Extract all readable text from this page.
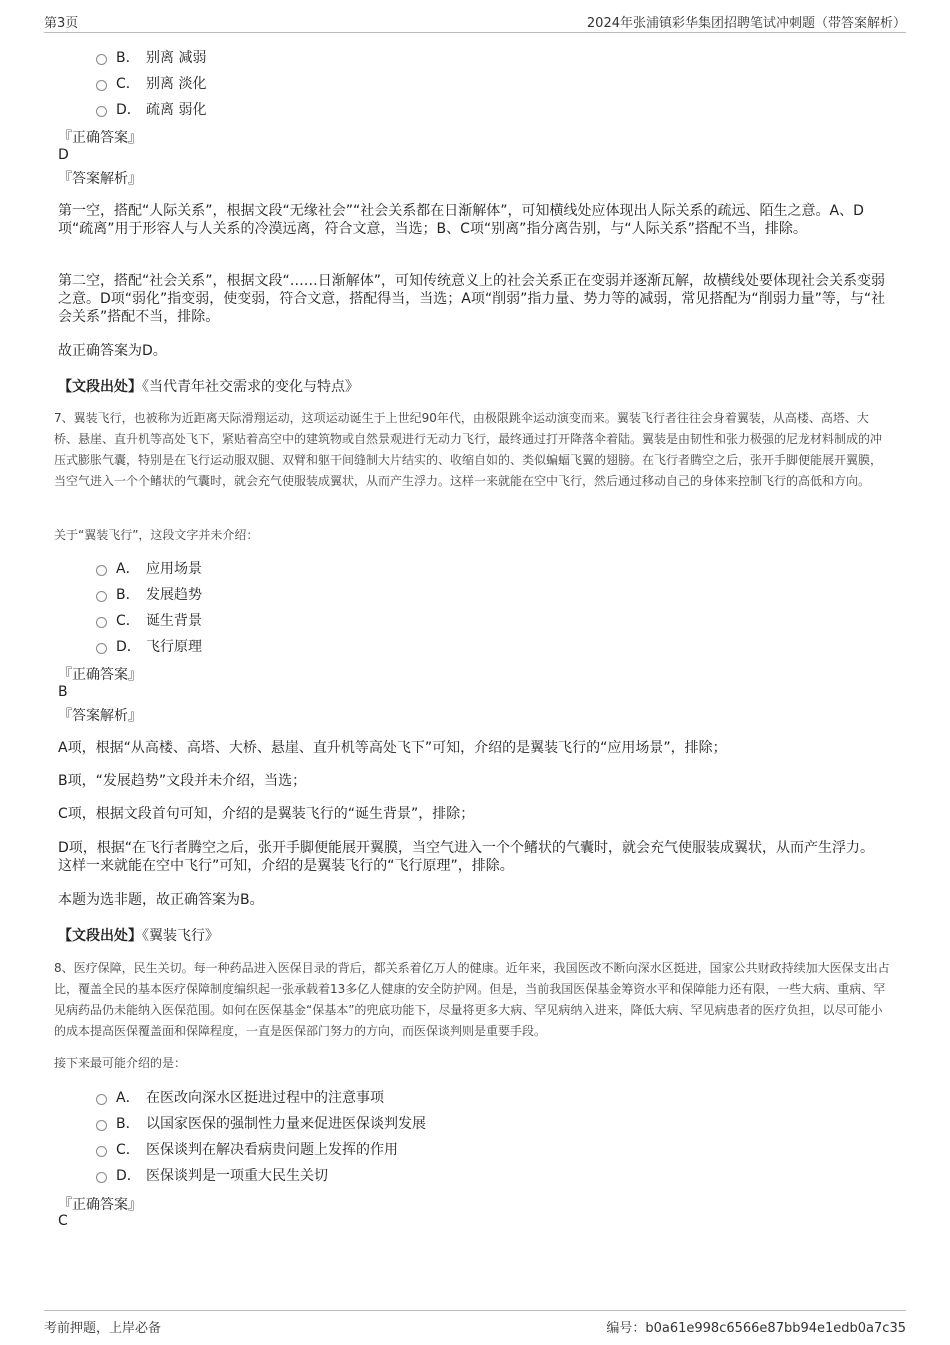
第3页	2024年张浦镇彩华集团招聘笔试冲刺题（带答案解析）
B． 别离 减弱
C． 别离 淡化
D． 疏离 弱化
『正确答案』
D
『答案解析』
第一空，搭配“人际关系”，根据文段“无缘社会”“社会关系都在日渐解体”，可知横线处应体现出人际关系的疏远、陌生之意。A、D项“疏离”用于形容人与人关系的冷漠远离，符合文意，当选；B、C项“别离”指分离告别，与“人际关系”搭配不当，排除。
第二空，搭配“社会关系”，根据文段“……日渐解体”，可知传统意义上的社会关系正在变弱并逐渐瓦解，故横线处要体现社会关系变弱之意。D项“弱化”指变弱，使变弱，符合文意，搭配得当，当选；A项“削弱”指力量、势力等的减弱，常见搭配为“削弱力量”等，与“社会关系”搭配不当，排除。
故正确答案为D。
【文段出处】《当代青年社交需求的变化与特点》
7、翼装飞行，也被称为近距离天际滑翔运动，这项运动诞生于上世纪90年代，由极限跳伞运动演变而来。翼装飞行者往往会身着翼装，从高楼、高塔、大桥、悬崖、直升机等高处飞下，紧贴着高空中的建筑物或自然景观进行无动力飞行，最终通过打开降落伞着陆。翼装是由韧性和张力极强的尼龙材料制成的冲压式膨胀气囊，特别是在飞行运动服双腿、双臂和躯干间缝制大片结实的、收缩自如的、类似蝙蝠飞翼的翅膀。在飞行者腾空之后，张开手脚便能展开翼膜，当空气进入一个个鳍状的气囊时，就会充气使服装成翼状，从而产生浮力。这样一来就能在空中飞行，然后通过移动自己的身体来控制飞行的高低和方向。
关于“翼装飞行”，这段文字并未介绍：
A． 应用场景
B． 发展趋势
C． 诞生背景
D． 飞行原理
『正确答案』
B
『答案解析』
A项，根据“从高楼、高塔、大桥、悬崖、直升机等高处飞下”可知，介绍的是翼装飞行的“应用场景”，排除；
B项，“发展趋势”文段并未介绍，当选；
C项，根据文段首句可知，介绍的是翼装飞行的“诞生背景”，排除；
D项，根据“在飞行者腾空之后，张开手脚便能展开翼膜，当空气进入一个个鳍状的气囊时，就会充气使服装成翼状，从而产生浮力。这样一来就能在空中飞行”可知，介绍的是翼装飞行的“飞行原理”，排除。
本题为选非题，故正确答案为B。
【文段出处】《翼装飞行》
8、医疗保障，民生关切。每一种药品进入医保目录的背后，都关系着亿万人的健康。近年来，我国医改不断向深水区挺进，国家公共财政持续加大医保支出占比，覆盖全民的基本医疗保障制度编织起一张承载着13多亿人健康的安全防护网。但是，当前我国医保基金筹资水平和保障能力还有限，一些大病、重病、罕见病药品仍未能纳入医保范围。如何在医保基金“保基本”的兜底功能下，尽量将更多大病、罕见病纳入进来，降低大病、罕见病患者的医疗负担，以尽可能小的成本提高医保覆盖面和保障程度，一直是医保部门努力的方向，而医保谈判则是重要手段。
接下来最可能介绍的是：
A． 在医改向深水区挺进过程中的注意事项
B． 以国家医保的强制性力量来促进医保谈判发展
C． 医保谈判在解决看病贵问题上发挥的作用
D． 医保谈判是一项重大民生关切
『正确答案』
C
考前押题，上岸必备	编号：b0a61e998c6566e87bb94e1edb0a7c35
